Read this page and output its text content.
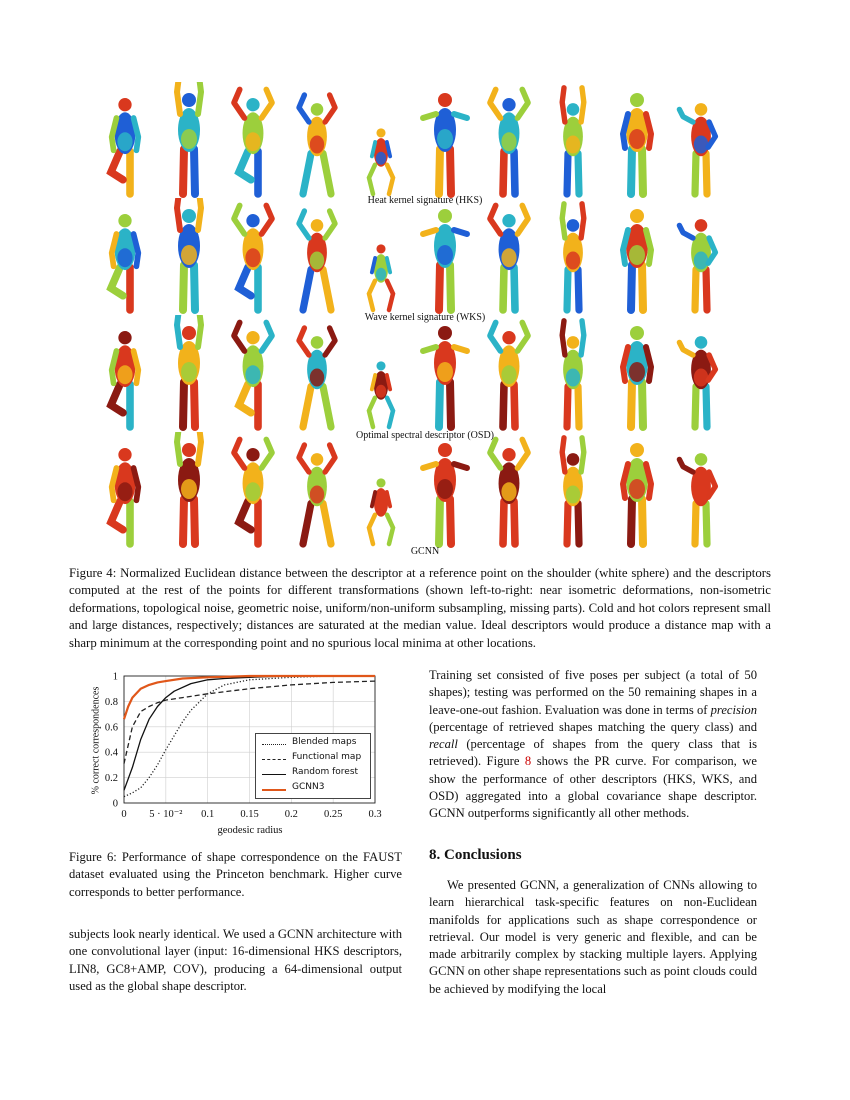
Heat kernel signature (HKS)
Wave kernel signature (WKS)
Optimal spectral descriptor (OSD)
GCNN
Figure 4: Normalized Euclidean distance between the descriptor at a reference point on the shoulder (white sphere) and the descriptors computed at the rest of the points for different transformations (shown left-to-right: near isometric deformations, non-isometric deformations, topological noise, geometric noise, uniform/non-uniform subsampling, missing parts). Cold and hot colors represent small and large distances, respectively; distances are saturated at the median value. Ideal descriptors would produce a distance map with a sharp minimum at the corresponding point and no spurious local minima at other locations.
0
0.2
0.4
0.6
0.8
1
0 5 · 10⁻² 0.1 0.15 0.2 0.25 0.3
% correct correspondences
geodesic radius
Blended maps
Functional map
Random forest
GCNN3
Figure 6: Performance of shape correspondence on the FAUST dataset evaluated using the Princeton benchmark. Higher curve corresponds to better performance.
subjects look nearly identical. We used a GCNN architecture with one convolutional layer (input: 16-dimensional HKS descriptors, LIN8, GC8+AMP, COV), producing a 64-dimensional output used as the global shape descriptor.
Training set consisted of five poses per subject (a total of 50 shapes); testing was performed on the 50 remaining shapes in a leave-one-out fashion. Evaluation was done in terms of precision (percentage of retrieved shapes matching the query class) and recall (percentage of shapes from the query class that is retrieved). Figure 8 shows the PR curve. For comparison, we show the performance of other descriptors (HKS, WKS, and OSD) aggregated into a global covariance shape descriptor. GCNN outperforms significantly all other methods.
8. Conclusions
We presented GCNN, a generalization of CNNs allowing to learn hierarchical task-specific features on non-Euclidean manifolds for applications such as shape correspondence or retrieval. Our model is very generic and flexible, and can be made arbitrarily complex by stacking multiple layers. Applying GCNN on other shape representations such as point clouds could be achieved by modifying the local
